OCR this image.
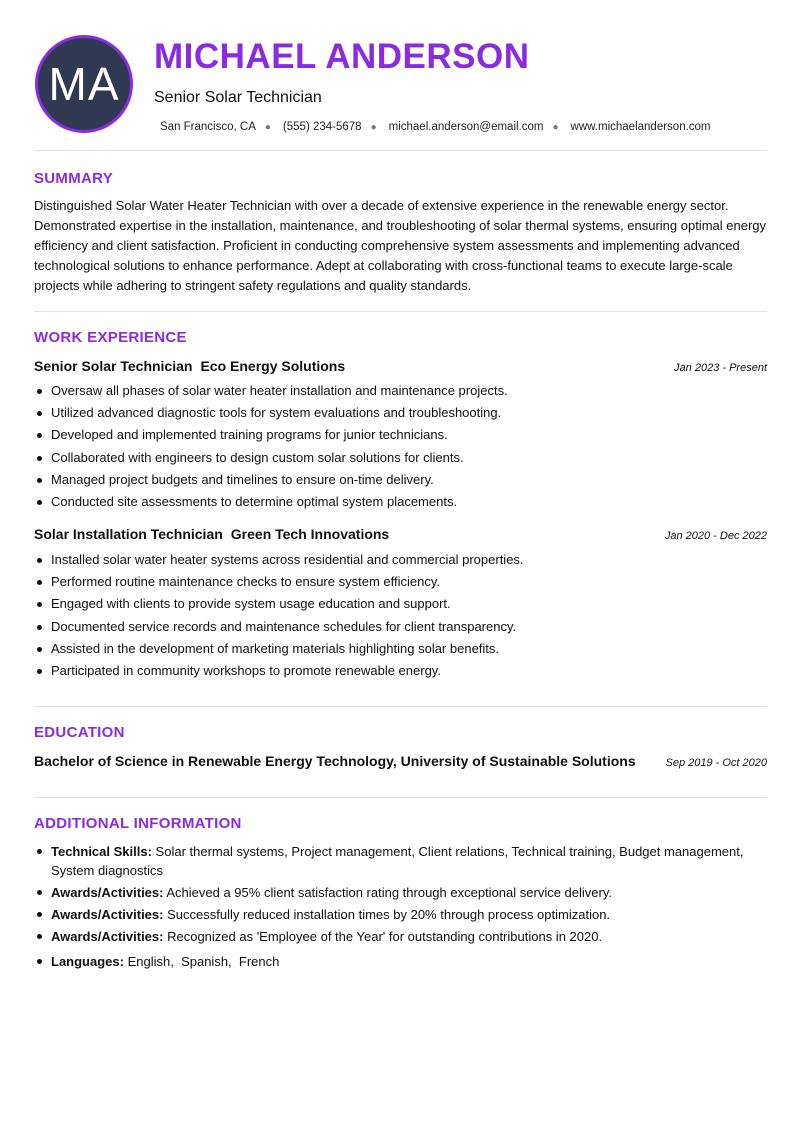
MA
MICHAEL ANDERSON
Senior Solar Technician
San Francisco, CA ● (555) 234-5678 ● michael.anderson@email.com ● www.michaelanderson.com
SUMMARY

Distinguished Solar Water Heater Technician with over a decade of extensive experience in the renewable energy sector. Demonstrated expertise in the installation, maintenance, and troubleshooting of solar thermal systems, ensuring optimal energy efficiency and client satisfaction. Proficient in conducting comprehensive system assessments and implementing advanced technological solutions to enhance performance. Adept at collaborating with cross-functional teams to execute large-scale projects while adhering to stringent safety regulations and quality standards.

WORK EXPERIENCE
Senior Solar Technician Eco Energy Solutions	Jan 2023 - Present
Oversaw all phases of solar water heater installation and maintenance projects.
Utilized advanced diagnostic tools for system evaluations and troubleshooting.
Developed and implemented training programs for junior technicians.
Collaborated with engineers to design custom solar solutions for clients.
Managed project budgets and timelines to ensure on-time delivery.
Conducted site assessments to determine optimal system placements.
Solar Installation Technician Green Tech Innovations	Jan 2020 - Dec 2022
Installed solar water heater systems across residential and commercial properties.
Performed routine maintenance checks to ensure system efficiency.
Engaged with clients to provide system usage education and support.
Documented service records and maintenance schedules for client transparency.
Assisted in the development of marketing materials highlighting solar benefits.
Participated in community workshops to promote renewable energy.
EDUCATION
Bachelor of Science in Renewable Energy Technology, University of Sustainable Solutions	Sep 2019 - Oct 2020
ADDITIONAL INFORMATION
Technical Skills: Solar thermal systems, Project management, Client relations, Technical training, Budget management, System diagnostics
Awards/Activities: Achieved a 95% client satisfaction rating through exceptional service delivery.
Awards/Activities: Successfully reduced installation times by 20% through process optimization.
Awards/Activities: Recognized as 'Employee of the Year' for outstanding contributions in 2020.
Languages: English,  Spanish,  French
